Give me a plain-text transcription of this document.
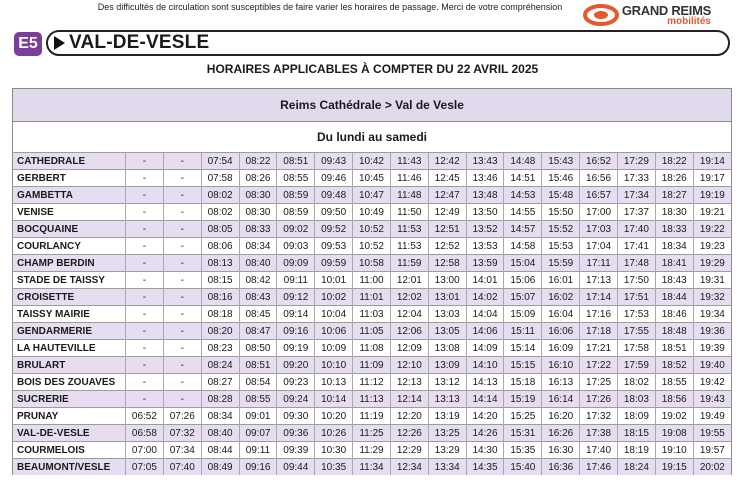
Des difficultés de circulation sont susceptibles de faire varier les horaires de passage. Merci de votre compréhension	GRAND REIMS
mobilités
E5 VAL-DE-VESLE
HORAIRES APPLICABLES À COMPTER DU 22 AVRIL 2025
Reims Cathédrale > Val de Vesle
Du lundi au samedi
CATHEDRALE	-	-	07:54	08:22	08:51	09:43	10:42	11:43	12:42	13:43	14:48	15:43	16:52	17:29	18:22	19:14
GERBERT	-	-	07:58	08:26	08:55	09:46	10:45	11:46	12:45	13:46	14:51	15:46	16:56	17:33	18:26	19:17
GAMBETTA	-	-	08:02	08:30	08:59	09:48	10:47	11:48	12:47	13:48	14:53	15:48	16:57	17:34	18:27	19:19
VENISE	-	-	08:02	08:30	08:59	09:50	10:49	11:50	12:49	13:50	14:55	15:50	17:00	17:37	18:30	19:21
BOCQUAINE	-	-	08:05	08:33	09:02	09:52	10:52	11:53	12:51	13:52	14:57	15:52	17:03	17:40	18:33	19:22
COURLANCY	-	-	08:06	08:34	09:03	09:53	10:52	11:53	12:52	13:53	14:58	15:53	17:04	17:41	18:34	19:23
CHAMP BERDIN	-	-	08:13	08:40	09:09	09:59	10:58	11:59	12:58	13:59	15:04	15:59	17:11	17:48	18:41	19:29
STADE DE TAISSY	-	-	08:15	08:42	09:11	10:01	11:00	12:01	13:00	14:01	15:06	16:01	17:13	17:50	18:43	19:31
CROISETTE	-	-	08:16	08:43	09:12	10:02	11:01	12:02	13:01	14:02	15:07	16:02	17:14	17:51	18:44	19:32
TAISSY MAIRIE	-	-	08:18	08:45	09:14	10:04	11:03	12:04	13:03	14:04	15:09	16:04	17:16	17:53	18:46	19:34
GENDARMERIE	-	-	08:20	08:47	09:16	10:06	11:05	12:06	13:05	14:06	15:11	16:06	17:18	17:55	18:48	19:36
LA HAUTEVILLE	-	-	08:23	08:50	09:19	10:09	11:08	12:09	13:08	14:09	15:14	16:09	17:21	17:58	18:51	19:39
BRULART	-	-	08:24	08:51	09:20	10:10	11:09	12:10	13:09	14:10	15:15	16:10	17:22	17:59	18:52	19:40
BOIS DES ZOUAVES	-	-	08:27	08:54	09:23	10:13	11:12	12:13	13:12	14:13	15:18	16:13	17:25	18:02	18:55	19:42
SUCRERIE	-	-	08:28	08:55	09:24	10:14	11:13	12:14	13:13	14:14	15:19	16:14	17:26	18:03	18:56	19:43
PRUNAY	06:52	07:26	08:34	09:01	09:30	10:20	11:19	12:20	13:19	14:20	15:25	16:20	17:32	18:09	19:02	19:49
VAL-DE-VESLE	06:58	07:32	08:40	09:07	09:36	10:26	11:25	12:26	13:25	14:26	15:31	16:26	17:38	18:15	19:08	19:55
COURMELOIS	07:00	07:34	08:44	09:11	09:39	10:30	11:29	12:29	13:29	14:30	15:35	16:30	17:40	18:19	19:10	19:57
BEAUMONT/VESLE	07:05	07:40	08:49	09:16	09:44	10:35	11:34	12:34	13:34	14:35	15:40	16:36	17:46	18:24	19:15	20:02
